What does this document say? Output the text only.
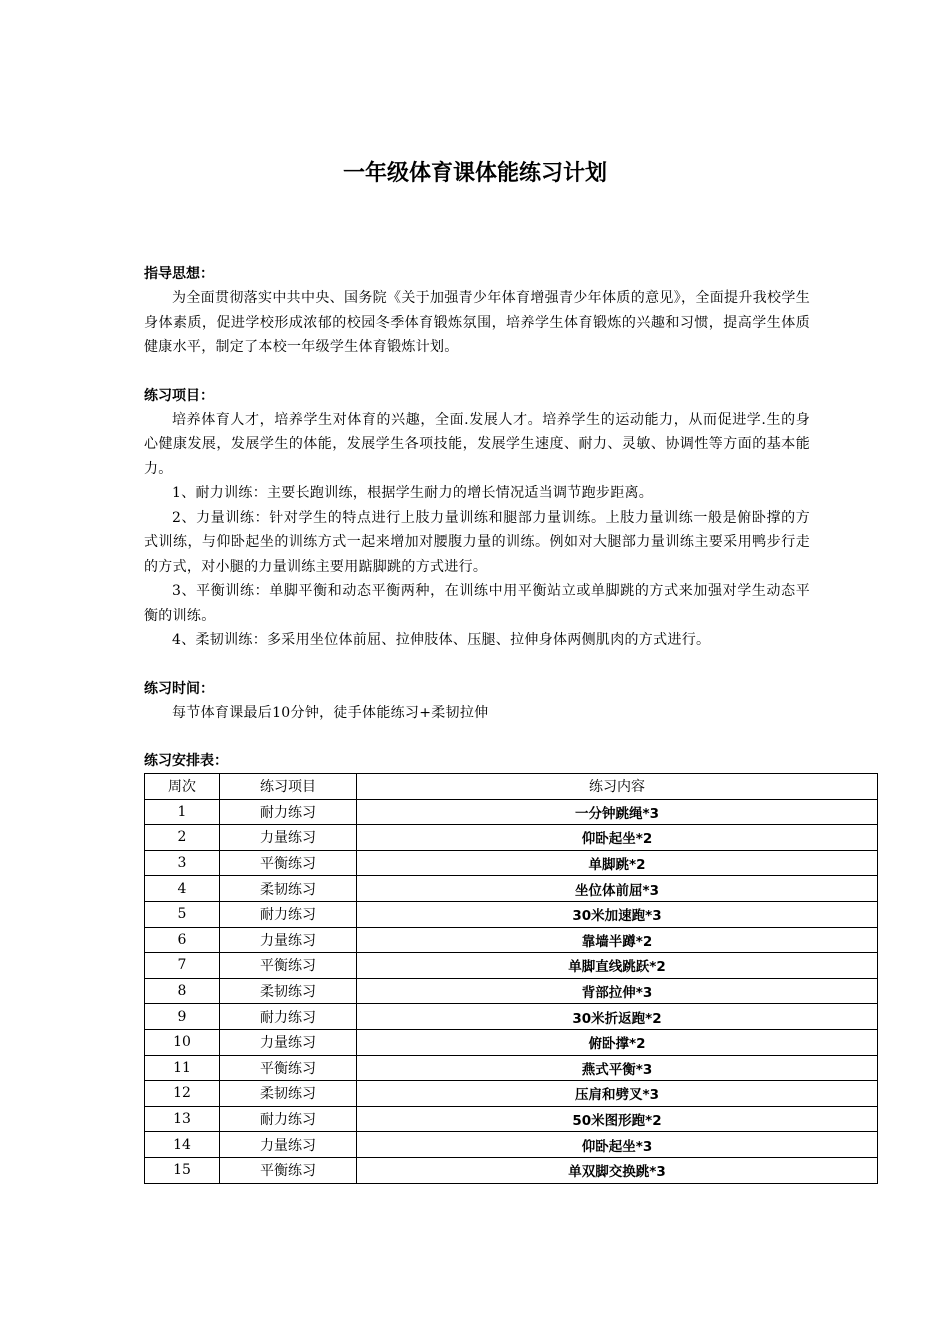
一年级体育课体能练习计划
指导思想：
为全面贯彻落实中共中央、国务院《关于加强青少年体育增强青少年体质的意见》，全面提升我校学生身体素质，促进学校形成浓郁的校园冬季体育锻炼氛围，培养学生体育锻炼的兴趣和习惯，提高学生体质健康水平，制定了本校一年级学生体育锻炼计划。
练习项目：
培养体育人才，培养学生对体育的兴趣，全面.发展人才。培养学生的运动能力，从而促进学.生的身心健康发展，发展学生的体能，发展学生各项技能，发展学生速度、耐力、灵敏、协调性等方面的基本能力。
1、耐力训练：主要长跑训练，根据学生耐力的增长情况适当调节跑步距离。
2、力量训练：针对学生的特点进行上肢力量训练和腿部力量训练。上肢力量训练一般是俯卧撑的方式训练，与仰卧起坐的训练方式一起来增加对腰腹力量的训练。例如对大腿部力量训练主要采用鸭步行走的方式，对小腿的力量训练主要用踮脚跳的方式进行。
3、平衡训练：单脚平衡和动态平衡两种，在训练中用平衡站立或单脚跳的方式来加强对学生动态平衡的训练。
4、柔韧训练：多采用坐位体前屈、拉伸肢体、压腿、拉伸身体两侧肌肉的方式进行。
练习时间：
每节体育课最后10分钟，徒手体能练习+柔韧拉伸
练习安排表：
周次	练习项目	练习内容
1	耐力练习	一分钟跳绳*3
2	力量练习	仰卧起坐*2
3	平衡练习	单脚跳*2
4	柔韧练习	坐位体前屈*3
5	耐力练习	30米加速跑*3
6	力量练习	靠墙半蹲*2
7	平衡练习	单脚直线跳跃*2
8	柔韧练习	背部拉伸*3
9	耐力练习	30米折返跑*2
10	力量练习	俯卧撑*2
11	平衡练习	燕式平衡*3
12	柔韧练习	压肩和劈叉*3
13	耐力练习	50米图形跑*2
14	力量练习	仰卧起坐*3
15	平衡练习	单双脚交换跳*3
